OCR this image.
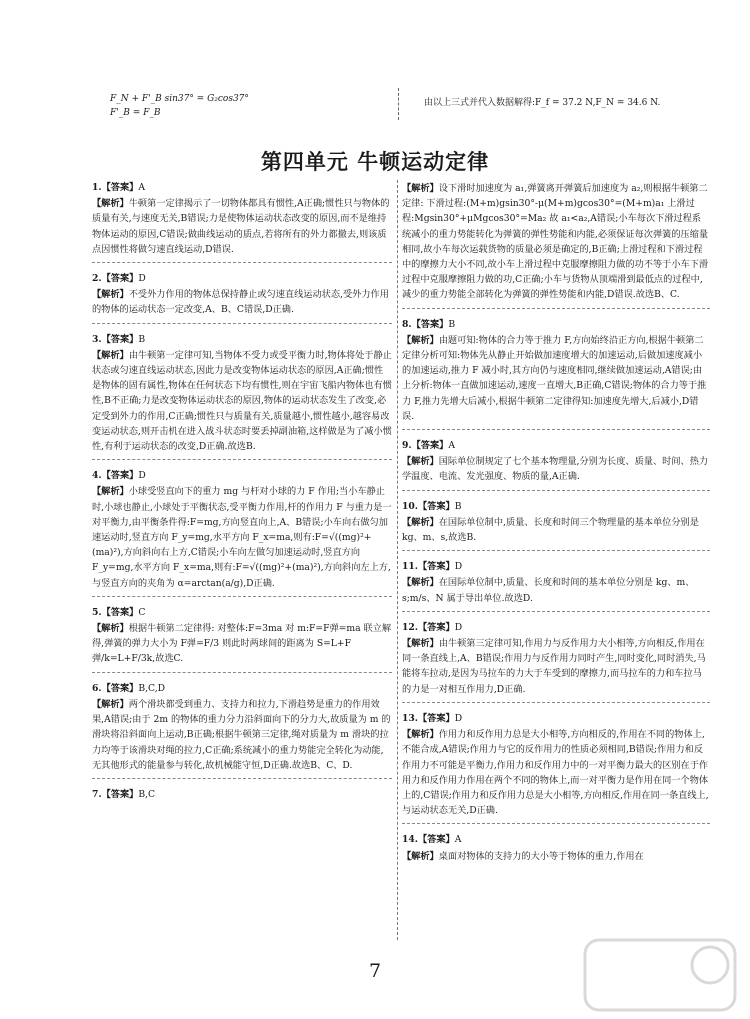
F_N + F'_B sin37° = G₂cos37°
F'_B = F_B
由以上三式并代入数据解得:F_f = 37.2 N,F_N = 34.6 N.
第四单元 牛顿运动定律
1.【答案】A
【解析】牛顿第一定律揭示了一切物体都具有惯性,A正确;惯性只与物体的质量有关,与速度无关,B错误;力是使物体运动状态改变的原因,而不是维持物体运动的原因,C错误;做曲线运动的质点,若将所有的外力都撤去,则该质点因惯性将做匀速直线运动,D错误.
2.【答案】D
【解析】不受外力作用的物体总保持静止或匀速直线运动状态,受外力作用的物体的运动状态一定改变,A、B、C错误,D正确.
3.【答案】B
【解析】由牛顿第一定律可知,当物体不受力或受平衡力时,物体将处于静止状态或匀速直线运动状态,因此力是改变物体运动状态的原因,A正确;惯性是物体的固有属性,物体在任何状态下均有惯性,则在宇宙飞船内物体也有惯性,B不正确;力是改变物体运动状态的原因,物体的运动状态发生了改变,必定受到外力的作用,C正确;惯性只与质量有关,质量越小,惯性越小,越容易改变运动状态,则开击机在进入战斗状态时要丢掉副油箱,这样做是为了减小惯性,有利于运动状态的改变,D正确.故选B.
4.【答案】D
【解析】小球受竖直向下的重力 mg 与杆对小球的力 F 作用;当小车静止时,小球也静止,小球处于平衡状态,受平衡力作用,杆的作用力 F 与重力是一对平衡力,由平衡条件得:F=mg,方向竖直向上,A、B错误;小车向右做匀加速运动时,竖直方向 F_y=mg,水平方向 F_x=ma,则有:F=√((mg)²+(ma)²),方向斜向右上方,C错误;小车向左做匀加速运动时,竖直方向 F_y=mg,水平方向 F_x=ma,则有:F=√((mg)²+(ma)²),方向斜向左上方,与竖直方向的夹角为 α=arctan(a/g),D正确.
5.【答案】C
【解析】根据牛顿第二定律得: 对整体:F=3ma 对 m:F=F弹=ma 联立解得,弹簧的弹力大小为 F弹=F/3 则此时两球间的距离为 S=L+F弹/k=L+F/3k,故选C.
6.【答案】B,C,D
【解析】两个滑块都受到重力、支持力和拉力,下滑趋势是重力的作用效果,A错误;由于 2m 的物体的重力分力沿斜面向下的分力大,故质量为 m 的滑块将沿斜面向上运动,B正确;根据牛顿第三定律,绳对质量为 m 滑块的拉力均等于该滑块对绳的拉力,C正确;系统减小的重力势能完全转化为动能,无其他形式的能量参与转化,故机械能守恒,D正确.故选B、C、D.
7.【答案】B,C
【解析】设下滑时加速度为 a₁,弹簧离开弹簧后加速度为 a₂,则根据牛顿第二定律: 下滑过程:(M+m)gsin30°-μ(M+m)gcos30°=(M+m)a₁ 上滑过程:Mgsin30°+μMgcos30°=Ma₂ 故 a₁<a₂,A错误;小车每次下滑过程系统减小的重力势能转化为弹簧的弹性势能和内能,必须保证每次弹簧的压缩量相同,故小车每次运载货物的质量必须是确定的,B正确;上滑过程和下滑过程中的摩擦力大小不同,故小车上滑过程中克服摩擦阻力做的功不等于小车下滑过程中克服摩擦阻力做的功,C正确;小车与货物从顶端滑到最低点的过程中,减少的重力势能全部转化为弹簧的弹性势能和内能,D错误.故选B、C.
8.【答案】B
【解析】由题可知:物体的合力等于推力 F,方向始终沿正方向,根据牛顿第二定律分析可知:物体先从静止开始做加速度增大的加速运动,后做加速度减小的加速运动,推力 F 减小时,其方向仍与速度相同,继续做加速运动,A错误;由上分析:物体一直做加速运动,速度一直增大,B正确,C错误;物体的合力等于推力 F,推力先增大后减小,根据牛顿第二定律得知:加速度先增大,后减小,D错误.
9.【答案】A
【解析】国际单位制规定了七个基本物理量,分别为长度、质量、时间、热力学温度、电流、发光强度、物质的量,A正确.
10.【答案】B
【解析】在国际单位制中,质量、长度和时间三个物理量的基本单位分别是 kg、m、s,故选B.
11.【答案】D
【解析】在国际单位制中,质量、长度和时间的基本单位分别是 kg、m、s;m/s、N 属于导出单位.故选D.
12.【答案】D
【解析】由牛顿第三定律可知,作用力与反作用力大小相等,方向相反,作用在同一条直线上,A、B错误;作用力与反作用力同时产生,同时变化,同时消失,马能将车拉动,是因为马拉车的力大于车受到的摩擦力,而马拉车的力和车拉马的力是一对相互作用力,D正确.
13.【答案】D
【解析】作用力和反作用力总是大小相等,方向相反的,作用在不同的物体上,不能合成,A错误;作用力与它的反作用力的性质必须相同,B错误;作用力和反作用力不可能是平衡力,作用力和反作用力中的一对平衡力最大的区别在于作用力和反作用力作用在两个不同的物体上,而一对平衡力是作用在同一个物体上的,C错误;作用力和反作用力总是大小相等,方向相反,作用在同一条直线上,与运动状态无关,D正确.
14.【答案】A
【解析】桌面对物体的支持力的大小等于物体的重力,作用在
7
